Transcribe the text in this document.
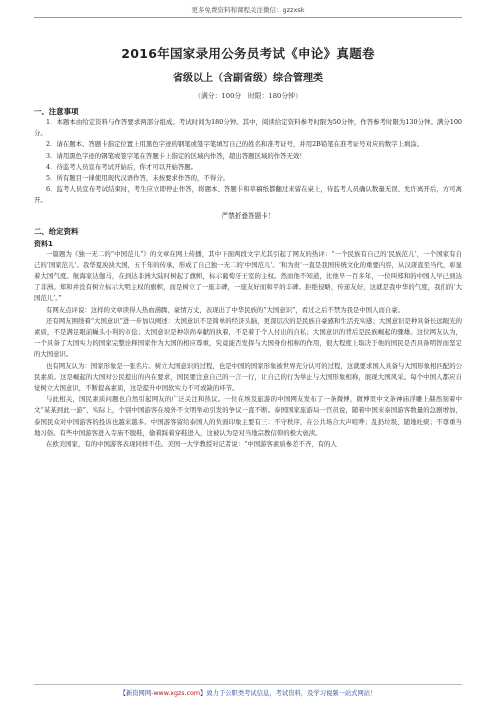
更多免费资料和课程关注微信：gzzxsk
2016年国家录用公务员考试《申论》真题卷
省级以上（含副省级）综合管理类
（满分：100分　时限：180分钟）
一、注意事项

1．本题本由给定资料与作答要求两部分组成。考试时间为180分钟。其中，阅读给定资料参考时限为50分钟，作答参考时限为130分钟。满分100分。

2．请在题本、答题卡指定位置上用黑色字迹的钢笔或签字笔填写自己的姓名和准考证号，并用2B铅笔在准考证号对应的数字上填涂。

3．请用黑色字迹的钢笔或签字笔在答题卡上指定的区域内作答，超出答题区域的作答无效！

4．待监考人员宣布考试开始后，你才可以开始答题。

5．所有题目一律使用现代汉语作答，未按要求作答的，不得分。

6．监考人员宣布考试结束时，考生应立即停止作答，将题本、答题卡和草稿纸都翻过来留在桌上，待监考人员确认数量无误、允许离开后，方可离开。

严禁折叠答题卡！

二、给定资料
资料1

一篇题为《独一无二的“中国范儿”》的文章在网上传播，其中下面两段文字尤其引起了网友的热评：“一个民族有自己的‘民族范儿’，一个国家有自己的‘国家范儿’。我华夏泱泱大国，五千年的传承，形成了自己独一无二的‘中国范儿’。‘和为贵’一直是我国传统文化的重要内容，从汉唐直至当代，彰显着大国气度。航海家达伽马，在到达非洲大陆时树起了旗帜，标示葡萄牙王室的主权。然而他不知道，比他早一百多年，一位叫郑和的中国人早已到达了非洲。郑和并没有树立标示大明主权的旗帜，而是树立了一座丰碑，一座友好而和平的丰碑。拒绝侵略，传递友好，这就是我中华的气度，我们的‘大国范儿’。”

有网友点评说：这样的文章读得人热血沸腾、豪情万丈，表现出了中华民族的“大国意识”，看过之后不禁为我是中国人而自豪。

还有网友围绕着“大国意识”进一步加以阐述：大国意识不是简单的经济头脑，更深层次的是民族自豪感和生活充实感；大国意识是种具备长远眼光的素质，不是满足眼前蝇头小利的市侩；大国意识是种崇尚奉献的执着，不是着于个人付出的自私；大国意识的背后是民族崛起的骤雄。这位网友认为，一个具备了大国实力的国家完整诠释国家作为大国的相应尊重，究竟能否发挥与大国身份相称的作用，很大程度上取决于他的国民是否具备明智而坚定的大国意识。

也有网友认为：国家形象是一张名片。树立大国意识的过程，也是中国的国家形象被世界充分认可的过程，这就要求国人具备与大国形象相匹配的公民素质。这是崛起的大国对公民提出的内在要求，国民要注意自己的一言一行，让自己的行为举止与大国形象相称，展现大国风采。每个中国人都应自觉树立大国意识，不断提高素质，这是提升中国软实力不可或缺的环节。

与此相关，国民素质问题也自然引起网友的广泛关注和热议。一位在埃及旅游的中国网友发布了一条微博，微博里中文条神庙浮雕上赫然刻着中文“某某到此一游”，实际上，个别中国游客在境外不文明举动引发的争议一直不断。泰国国家旅游局一官员说，随着中国来泰国游客数量的急剧增加，泰国民众对中国游客的投诉也越来越多。中国游客留给泰国人的负面印象主要有三：不守秩序，在公共场合大声喧哗；乱扔垃圾、随地吐痰；不尊重当地习俗。有些中国游客进入寺庙不脱鞋，偷着踩着穿鞋进入，这被认为是对当地宗教信仰的极大亵渎。

在欧美国家，有的中国游客表现同样不佳。美国一大学教授对记者说：“中国游客素质参差不齐，有的人

【新资网网-www.xgzs.com】致力于公职类考试信息，考试资料，及学习视频一站式网站！
